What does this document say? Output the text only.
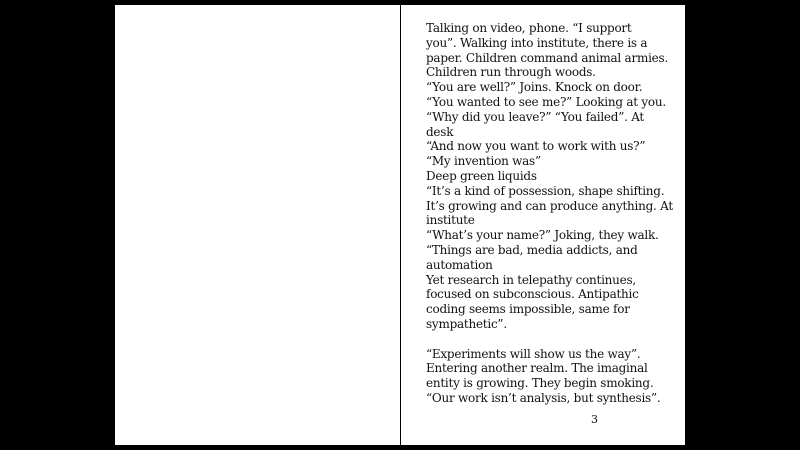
Talking on video, phone. “I support
you”. Walking into institute, there is a
paper. Children command animal armies.
Children run through woods.
“You are well?” Joins. Knock on door.
“You wanted to see me?” Looking at you.
“Why did you leave?” “You failed”. At
desk
“And now you want to work with us?”
“My invention was”
Deep green liquids
“It’s a kind of possession, shape shifting.
It’s growing and can produce anything. At
institute
“What’s your name?” Joking, they walk.
“Things are bad, media addicts, and
automation
Yet research in telepathy continues,
focused on subconscious. Antipathic
coding seems impossible, same for
sympathetic”.
“Experiments will show us the way”.
Entering another realm. The imaginal
entity is growing. They begin smoking.
“Our work isn’t analysis, but synthesis”.
3
